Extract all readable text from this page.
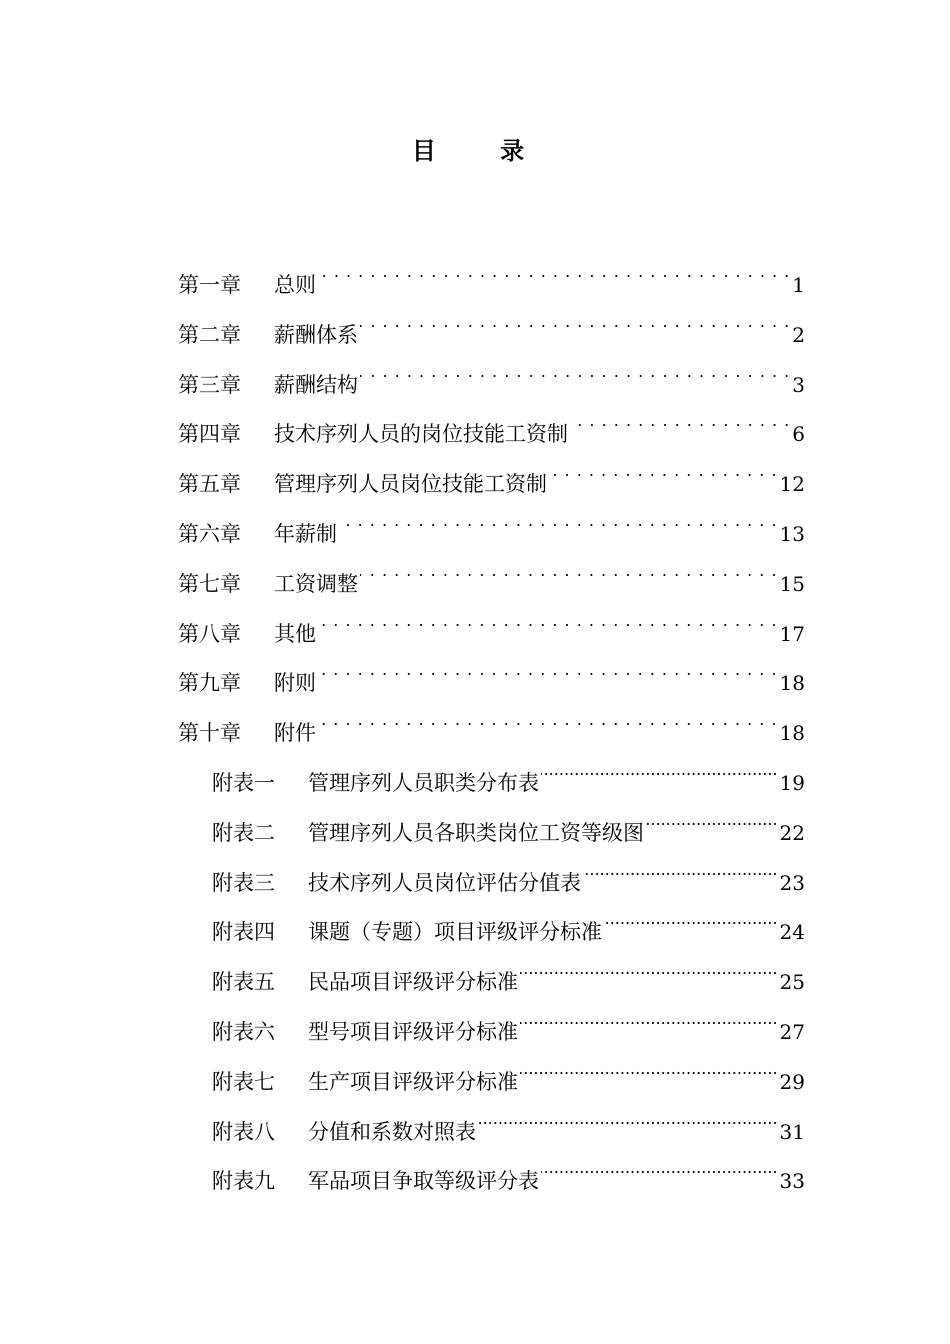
目 录
第一章	总则 . . .	1
第二章	薪酬体系 . . .	2
第三章	薪酬结构 . . .	3
第四章	技术序列人员的岗位技能工资制 . . .	6
第五章	管理序列人员岗位技能工资制 . . .	12
第六章	年薪制 . . .	13
第七章	工资调整 . . .	15
第八章	其他 . . .	17
第九章	附则 . . .	18
第十章	附件 . . .	18
附表一	管理序列人员职类分布表 .....	19
附表二	管理序列人员各职类岗位工资等级图 .....	22
附表三	技术序列人员岗位评估分值表 .....	23
附表四	课题（专题）项目评级评分标准 .....	24
附表五	民品项目评级评分标准 .....	25
附表六	型号项目评级评分标准 .....	27
附表七	生产项目评级评分标准 .....	29
附表八	分值和系数对照表 .....	31
附表九	军品项目争取等级评分表 .....	33
